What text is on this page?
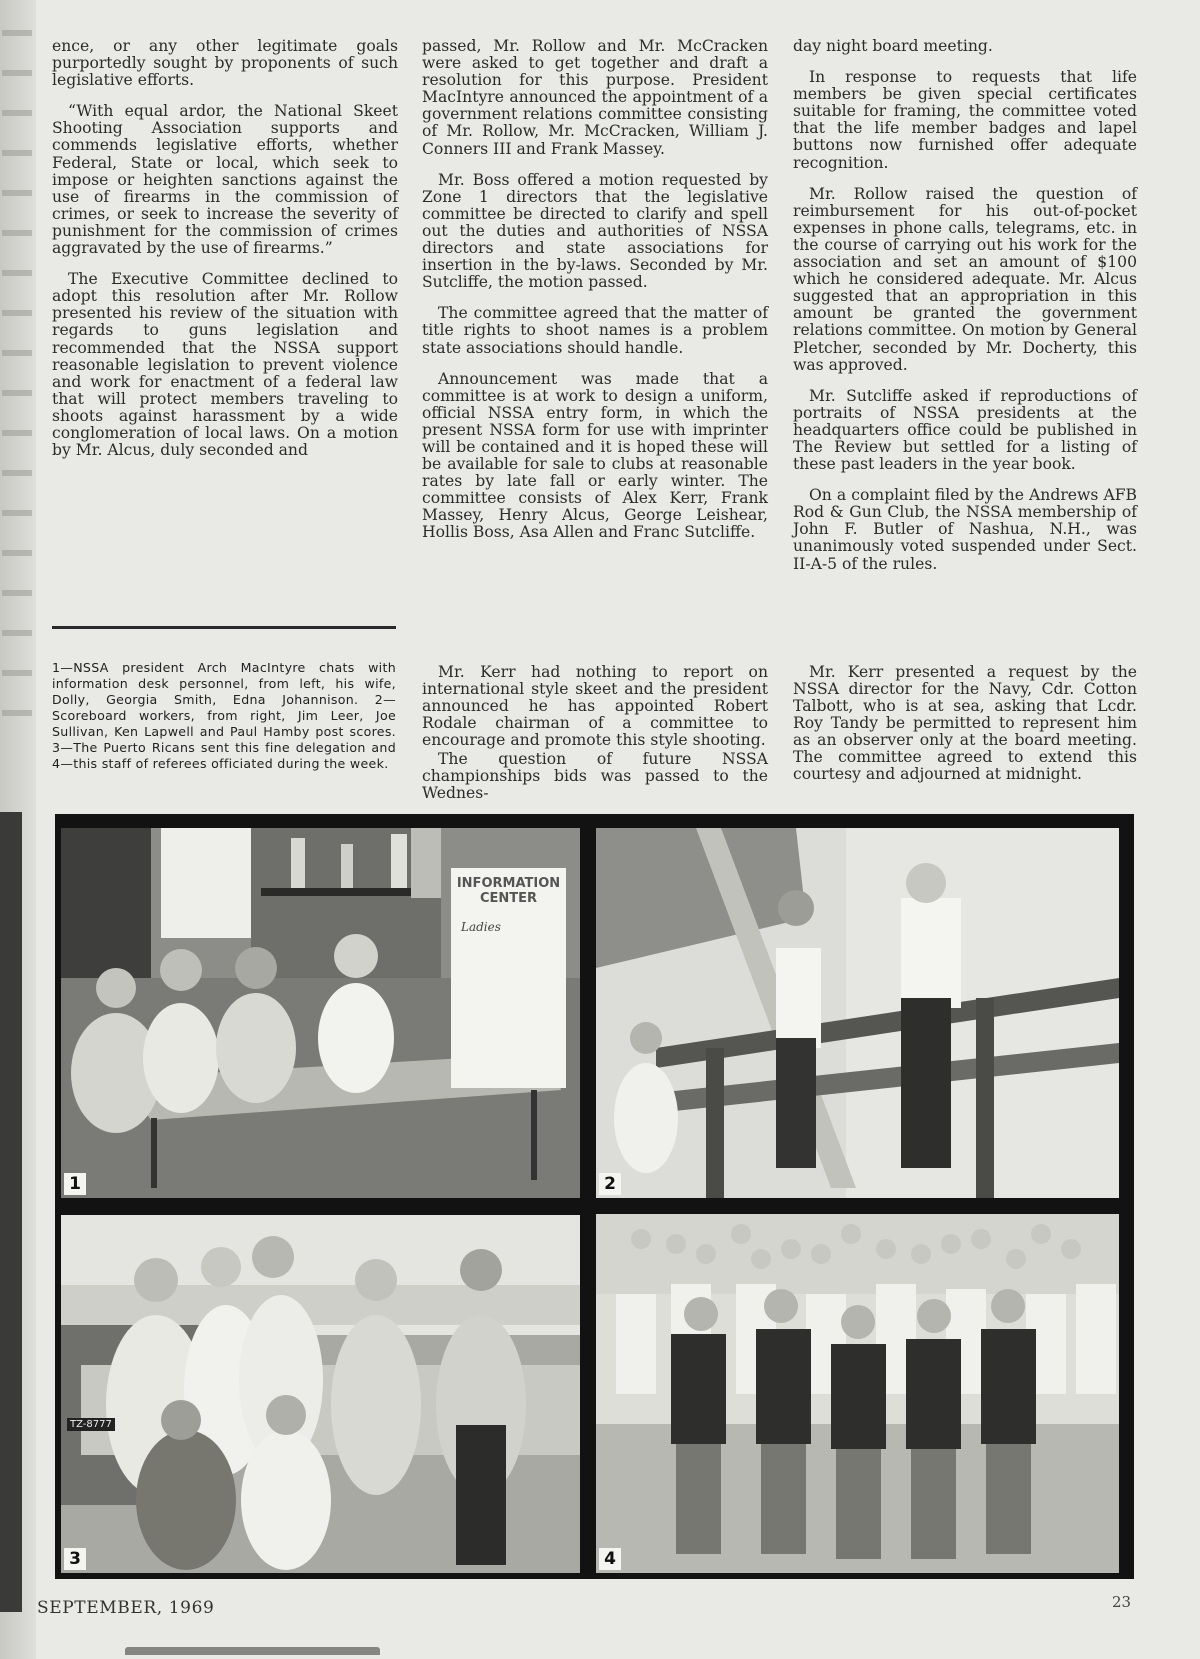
ence, or any other legitimate goals purportedly sought by proponents of such legislative efforts.

“With equal ardor, the National Skeet Shooting Association supports and commends legislative efforts, whether Federal, State or local, which seek to impose or heighten sanctions against the use of firearms in the commission of crimes, or seek to increase the severity of punishment for the commission of crimes aggravated by the use of firearms.”

The Executive Committee declined to adopt this resolution after Mr. Rollow presented his review of the situation with regards to guns legislation and recommended that the NSSA support reasonable legislation to prevent violence and work for enactment of a federal law that will protect members traveling to shoots against harassment by a wide conglomeration of local laws. On a motion by Mr. Alcus, duly seconded and

1—NSSA president Arch MacIntyre chats with information desk personnel, from left, his wife, Dolly, Georgia Smith, Edna Johannison. 2—Scoreboard workers, from right, Jim Leer, Joe Sullivan, Ken Lapwell and Paul Hamby post scores. 3—The Puerto Ricans sent this fine delegation and 4—this staff of referees officiated during the week.

passed, Mr. Rollow and Mr. McCracken were asked to get together and draft a resolution for this purpose. President MacIntyre announced the appointment of a government relations committee consisting of Mr. Rollow, Mr. McCracken, William J. Conners III and Frank Massey.

Mr. Boss offered a motion requested by Zone 1 directors that the legislative committee be directed to clarify and spell out the duties and authorities of NSSA directors and state associations for insertion in the by-laws. Seconded by Mr. Sutcliffe, the motion passed.

The committee agreed that the matter of title rights to shoot names is a problem state associations should handle.

Announcement was made that a committee is at work to design a uniform, official NSSA entry form, in which the present NSSA form for use with imprinter will be contained and it is hoped these will be available for sale to clubs at reasonable rates by late fall or early winter. The committee consists of Alex Kerr, Frank Massey, Henry Alcus, George Leishear, Hollis Boss, Asa Allen and Franc Sutcliffe.

Mr. Kerr had nothing to report on international style skeet and the president announced he has appointed Robert Rodale chairman of a committee to encourage and promote this style shooting.

The question of future NSSA championships bids was passed to the Wednes-

day night board meeting.

In response to requests that life members be given special certificates suitable for framing, the committee voted that the life member badges and lapel buttons now furnished offer adequate recognition.

Mr. Rollow raised the question of reimbursement for his out-of-pocket expenses in phone calls, telegrams, etc. in the course of carrying out his work for the association and set an amount of $100 which he considered adequate. Mr. Alcus suggested that an appropriation in this amount be granted the government relations committee. On motion by General Pletcher, seconded by Mr. Docherty, this was approved.

Mr. Sutcliffe asked if reproductions of portraits of NSSA presidents at the headquarters office could be published in The Review but settled for a listing of these past leaders in the year book.

On a complaint filed by the Andrews AFB Rod & Gun Club, the NSSA membership of John F. Butler of Nashua, N.H., was unanimously voted suspended under Sect. II-A-5 of the rules.

Mr. Kerr presented a request by the NSSA director for the Navy, Cdr. Cotton Talbott, who is at sea, asking that Lcdr. Roy Tandy be permitted to represent him as an observer only at the board meeting. The committee agreed to extend this courtesy and adjourned at midnight.

INFORMATION CENTER
Ladies
1	2
TZ-8777
3	4
SEPTEMBER, 1969	23
